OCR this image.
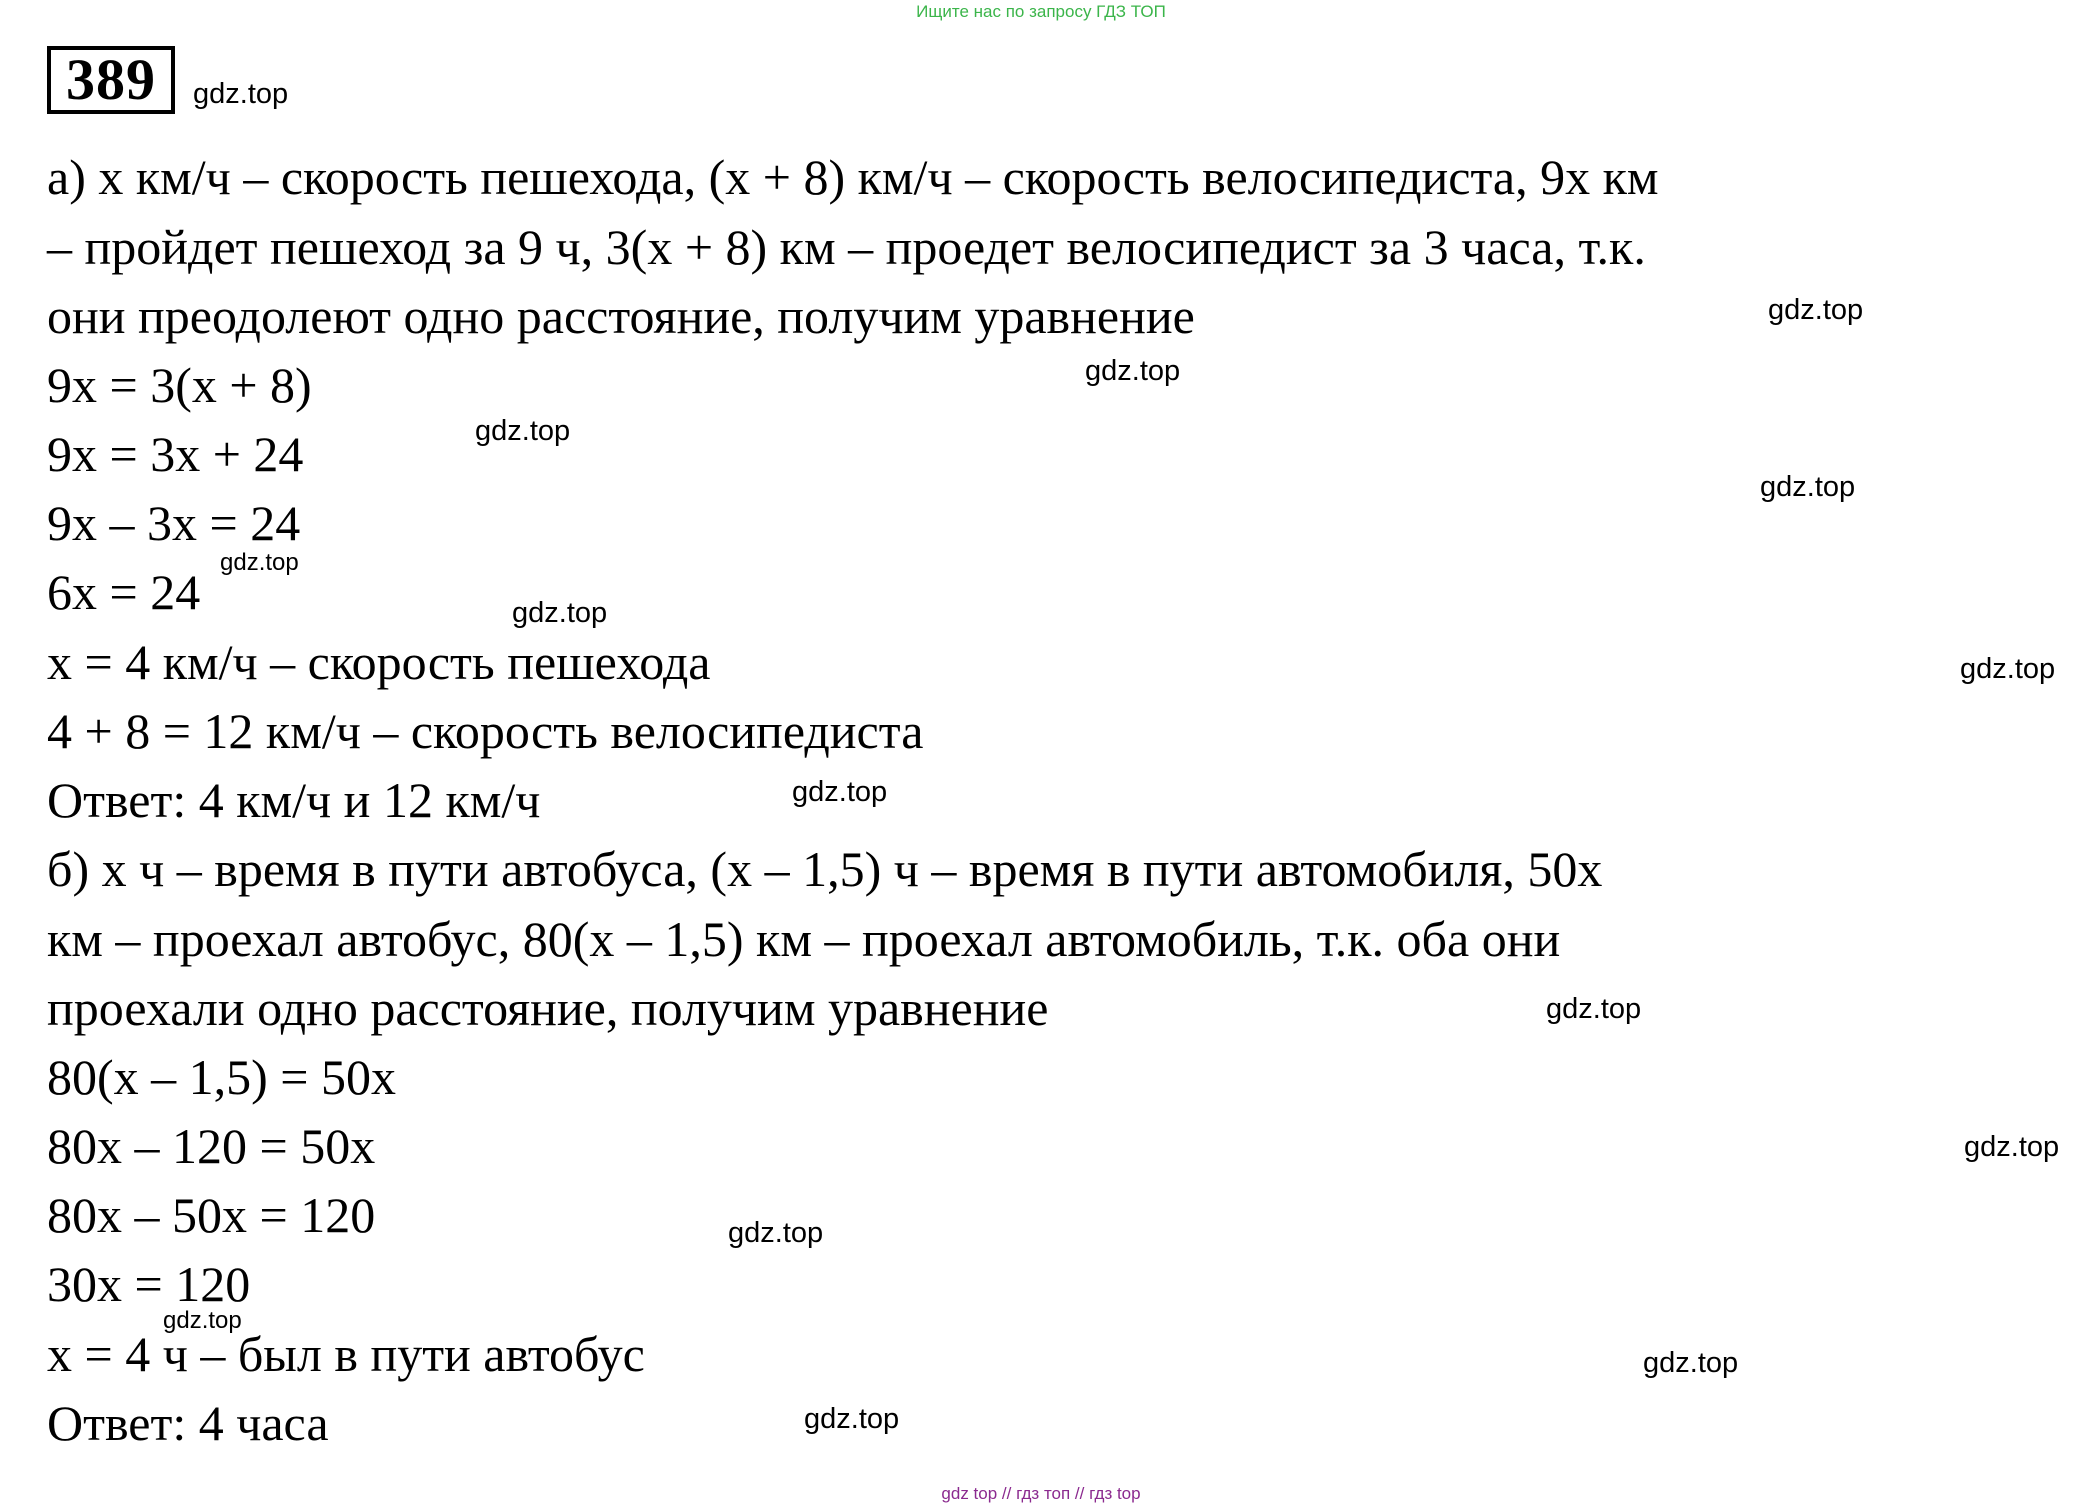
Ищите нас по запросу ГДЗ ТОП
389
а) x км/ч – скорость пешехода, (x + 8) км/ч – скорость велосипедиста, 9x км
– пройдет пешеход за 9 ч, 3(x + 8) км – проедет велосипедист за 3 часа, т.к.
они преодолеют одно расстояние, получим уравнение
9x = 3(x + 8)
9x = 3x + 24
9x – 3x = 24
6x = 24
x = 4 км/ч – скорость пешехода
4 + 8 = 12 км/ч – скорость велосипедиста
Ответ: 4 км/ч и 12 км/ч
б) x ч – время в пути автобуса, (x – 1,5) ч – время в пути автомобиля, 50x
км – проехал автобус, 80(x – 1,5) км – проехал автомобиль, т.к. оба они
проехали одно расстояние, получим уравнение
80(x – 1,5) = 50x
80x – 120 = 50x
80x – 50x = 120
30x = 120
x = 4 ч – был в пути автобус
Ответ: 4 часа
gdz.top
gdz.top
gdz.top
gdz.top
gdz.top
gdz.top
gdz.top
gdz.top
gdz.top
gdz.top
gdz.top
gdz.top
gdz.top
gdz.top
gdz.top
gdz top // гдз топ // гдз top
